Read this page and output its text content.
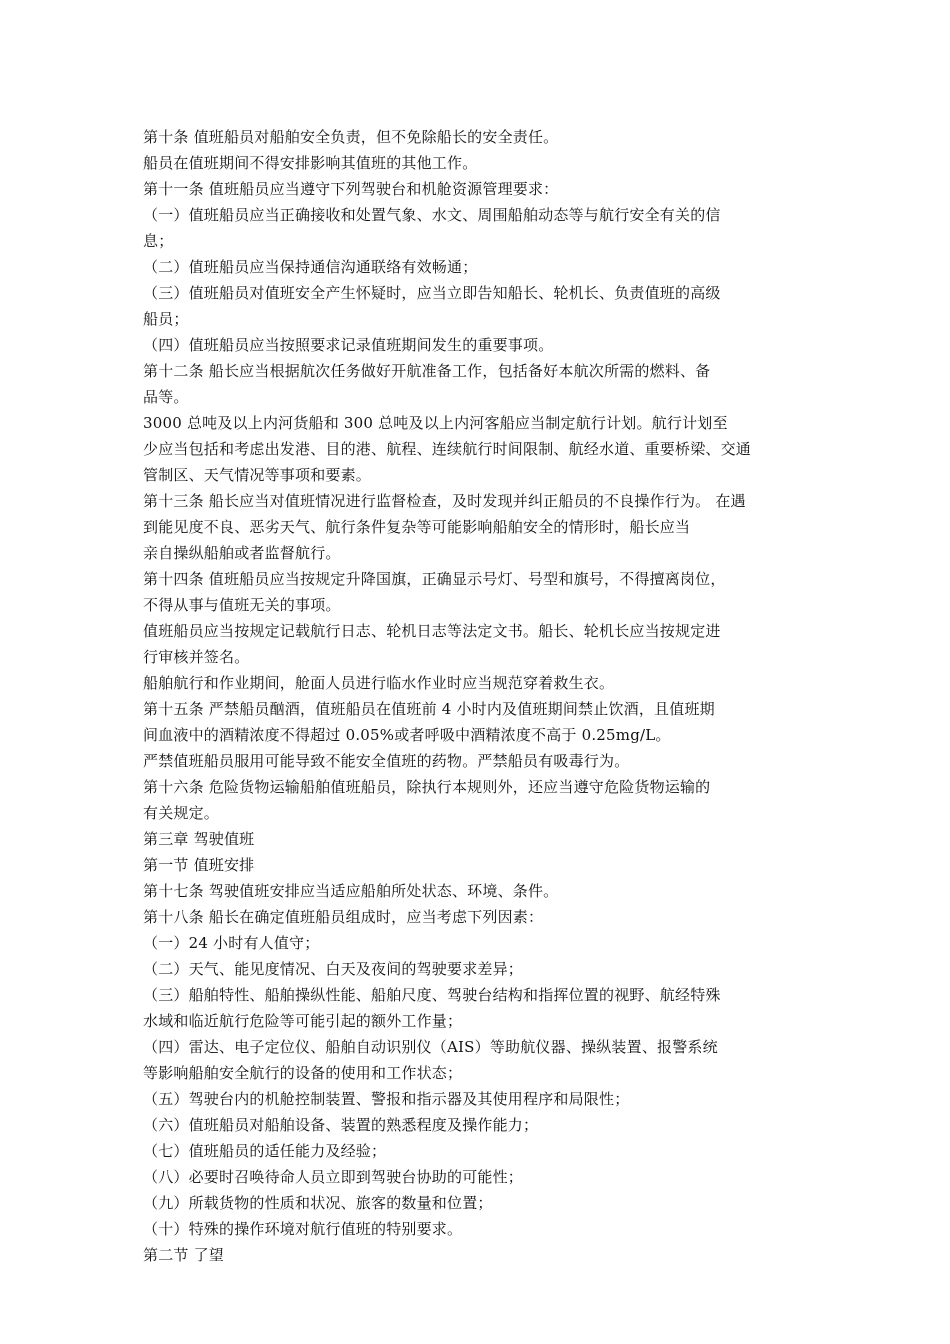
第十条 值班船员对船舶安全负责，但不免除船长的安全责任。
船员在值班期间不得安排影响其值班的其他工作。
第十一条 值班船员应当遵守下列驾驶台和机舱资源管理要求：
（一）值班船员应当正确接收和处置气象、水文、周围船舶动态等与航行安全有关的信
息；
（二）值班船员应当保持通信沟通联络有效畅通；
（三）值班船员对值班安全产生怀疑时，应当立即告知船长、轮机长、负责值班的高级
船员；
（四）值班船员应当按照要求记录值班期间发生的重要事项。
第十二条 船长应当根据航次任务做好开航准备工作，包括备好本航次所需的燃料、备
品等。
3000 总吨及以上内河货船和 300 总吨及以上内河客船应当制定航行计划。航行计划至
少应当包括和考虑出发港、目的港、航程、连续航行时间限制、航经水道、重要桥梁、交通
管制区、天气情况等事项和要素。
第十三条 船长应当对值班情况进行监督检查，及时发现并纠正船员的不良操作行为。 在遇
到能见度不良、恶劣天气、航行条件复杂等可能影响船舶安全的情形时，船长应当
亲自操纵船舶或者监督航行。
第十四条 值班船员应当按规定升降国旗，正确显示号灯、号型和旗号，不得擅离岗位，
不得从事与值班无关的事项。
值班船员应当按规定记载航行日志、轮机日志等法定文书。船长、轮机长应当按规定进
行审核并签名。
船舶航行和作业期间，舱面人员进行临水作业时应当规范穿着救生衣。
第十五条 严禁船员酗酒，值班船员在值班前 4 小时内及值班期间禁止饮酒，且值班期
间血液中的酒精浓度不得超过 0.05%或者呼吸中酒精浓度不高于 0.25mg/L。
严禁值班船员服用可能导致不能安全值班的药物。严禁船员有吸毒行为。
第十六条 危险货物运输船舶值班船员，除执行本规则外，还应当遵守危险货物运输的
有关规定。
第三章 驾驶值班
第一节 值班安排
第十七条 驾驶值班安排应当适应船舶所处状态、环境、条件。
第十八条 船长在确定值班船员组成时，应当考虑下列因素：
（一）24 小时有人值守；
（二）天气、能见度情况、白天及夜间的驾驶要求差异；
（三）船舶特性、船舶操纵性能、船舶尺度、驾驶台结构和指挥位置的视野、航经特殊
水域和临近航行危险等可能引起的额外工作量；
（四）雷达、电子定位仪、船舶自动识别仪（AIS）等助航仪器、操纵装置、报警系统
等影响船舶安全航行的设备的使用和工作状态；
（五）驾驶台内的机舱控制装置、警报和指示器及其使用程序和局限性；
（六）值班船员对船舶设备、装置的熟悉程度及操作能力；
（七）值班船员的适任能力及经验；
（八）必要时召唤待命人员立即到驾驶台协助的可能性；
（九）所载货物的性质和状况、旅客的数量和位置；
（十）特殊的操作环境对航行值班的特别要求。
第二节 了望
